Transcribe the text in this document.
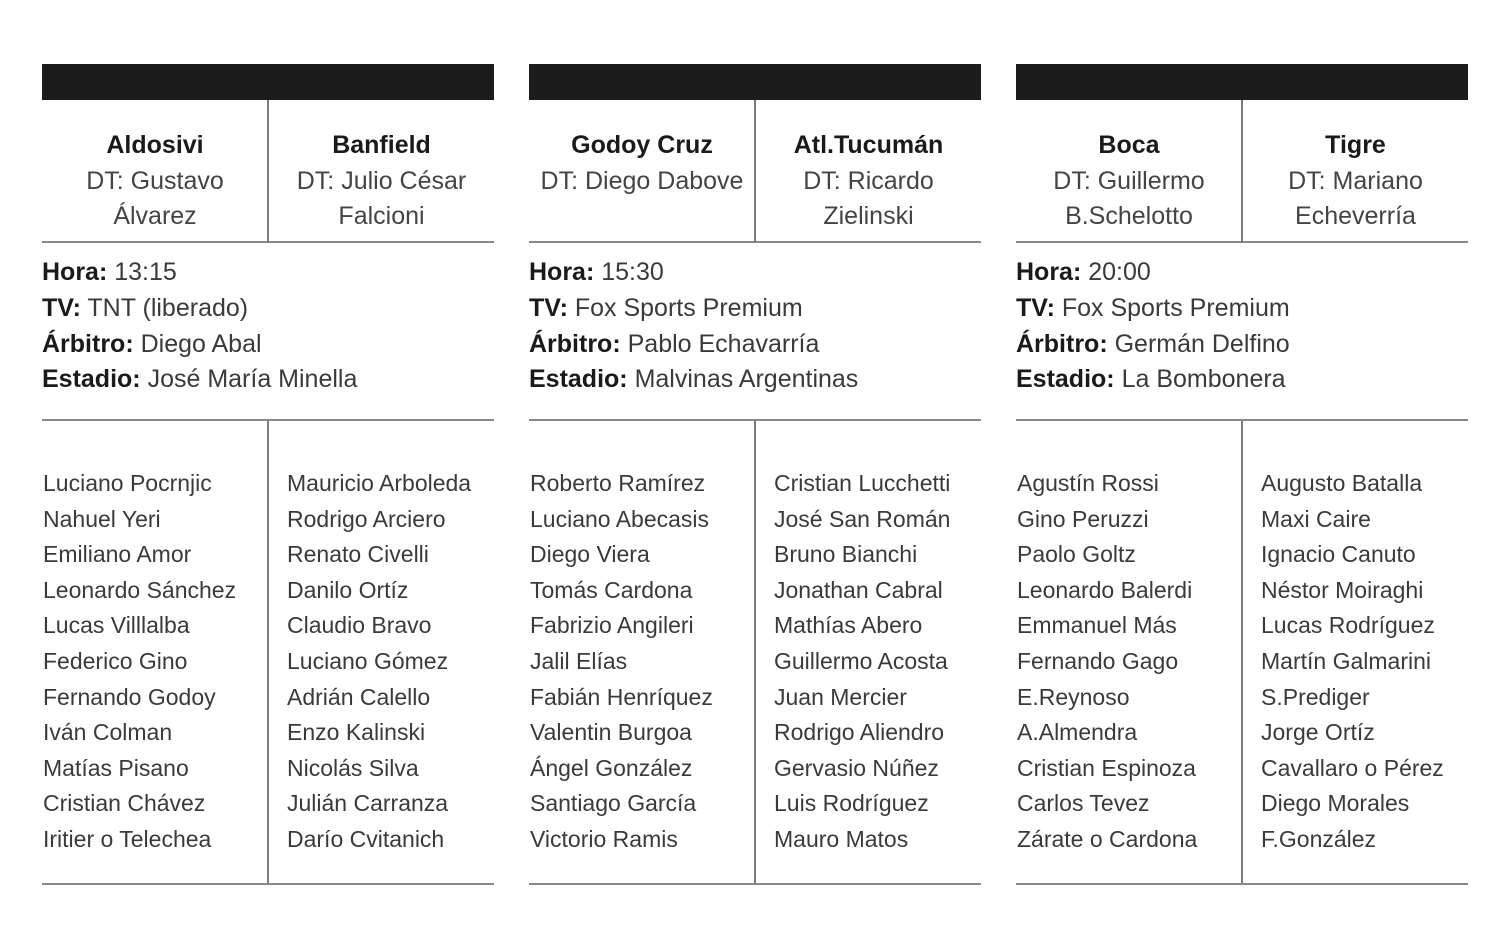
Aldosivi
DT: Gustavo Álvarez
Banfield
DT: Julio César Falcioni
Hora: 13:15
TV: TNT (liberado)
Árbitro: Diego Abal
Estadio: José María Minella
Luciano Pocrnjic
Nahuel Yeri
Emiliano Amor
Leonardo Sánchez
Lucas Villlalba
Federico Gino
Fernando Godoy
Iván Colman
Matías Pisano
Cristian Chávez
Iritier o Telechea
Mauricio Arboleda
Rodrigo Arciero
Renato Civelli
Danilo Ortíz
Claudio Bravo
Luciano Gómez
Adrián Calello
Enzo Kalinski
Nicolás Silva
Julián Carranza
Darío Cvitanich
Godoy Cruz
DT: Diego Dabove
Atl.Tucumán
DT: Ricardo Zielinski
Hora: 15:30
TV: Fox Sports Premium
Árbitro: Pablo Echavarría
Estadio: Malvinas Argentinas
Roberto Ramírez
Luciano Abecasis
Diego Viera
Tomás Cardona
Fabrizio Angileri
Jalil Elías
Fabián Henríquez
Valentin Burgoa
Ángel González
Santiago García
Victorio Ramis
Cristian Lucchetti
José San Román
Bruno Bianchi
Jonathan Cabral
Mathías Abero
Guillermo Acosta
Juan Mercier
Rodrigo Aliendro
Gervasio Núñez
Luis Rodríguez
Mauro Matos
Boca
DT: Guillermo B.Schelotto
Tigre
DT: Mariano Echeverría
Hora: 20:00
TV: Fox Sports Premium
Árbitro: Germán Delfino
Estadio: La Bombonera
Agustín Rossi
Gino Peruzzi
Paolo Goltz
Leonardo Balerdi
Emmanuel Más
Fernando Gago
E.Reynoso
A.Almendra
Cristian Espinoza
Carlos Tevez
Zárate o Cardona
Augusto Batalla
Maxi Caire
Ignacio Canuto
Néstor Moiraghi
Lucas Rodríguez
Martín Galmarini
S.Prediger
Jorge Ortíz
Cavallaro o Pérez
Diego Morales
F.González
